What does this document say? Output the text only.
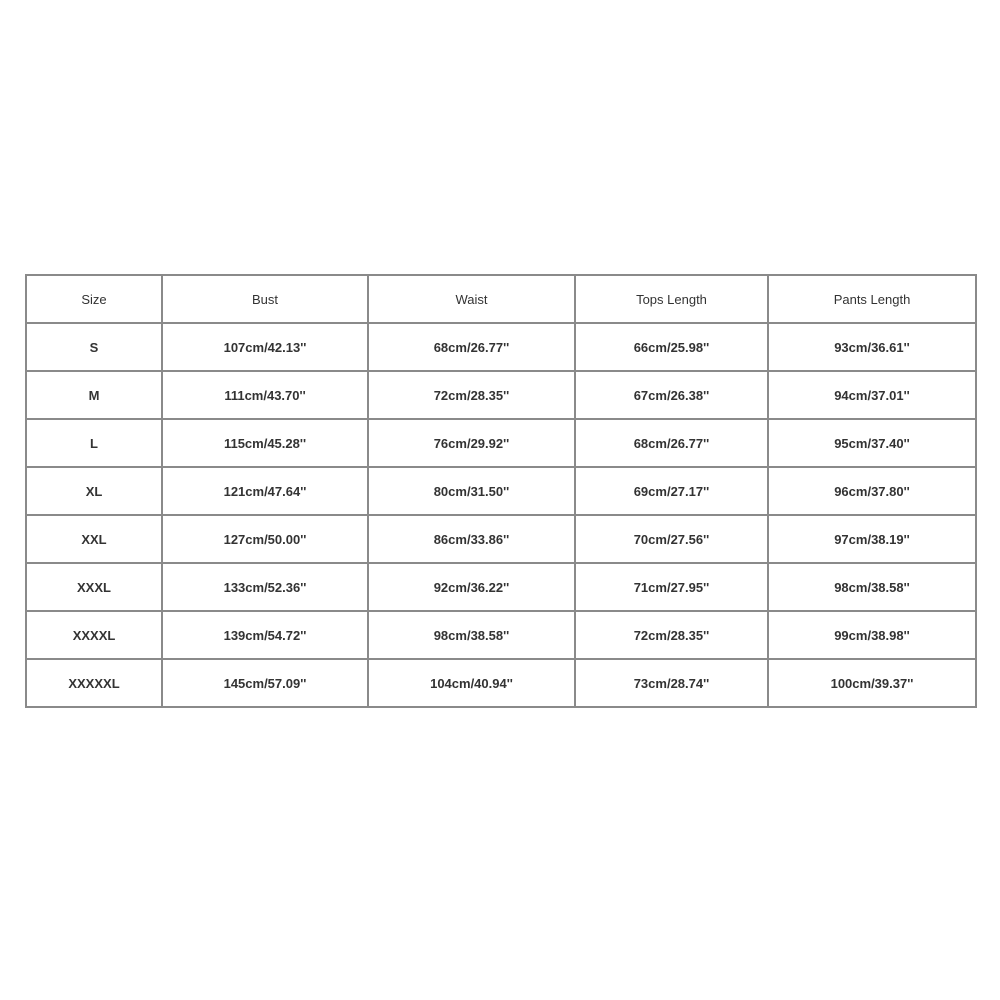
Size	Bust	Waist	Tops Length	Pants Length
S	107cm/42.13''	68cm/26.77''	66cm/25.98''	93cm/36.61''
M	111cm/43.70''	72cm/28.35''	67cm/26.38''	94cm/37.01''
L	115cm/45.28''	76cm/29.92''	68cm/26.77''	95cm/37.40''
XL	121cm/47.64''	80cm/31.50''	69cm/27.17''	96cm/37.80''
XXL	127cm/50.00''	86cm/33.86''	70cm/27.56''	97cm/38.19''
XXXL	133cm/52.36''	92cm/36.22''	71cm/27.95''	98cm/38.58''
XXXXL	139cm/54.72''	98cm/38.58''	72cm/28.35''	99cm/38.98''
XXXXXL	145cm/57.09''	104cm/40.94''	73cm/28.74''	100cm/39.37''
